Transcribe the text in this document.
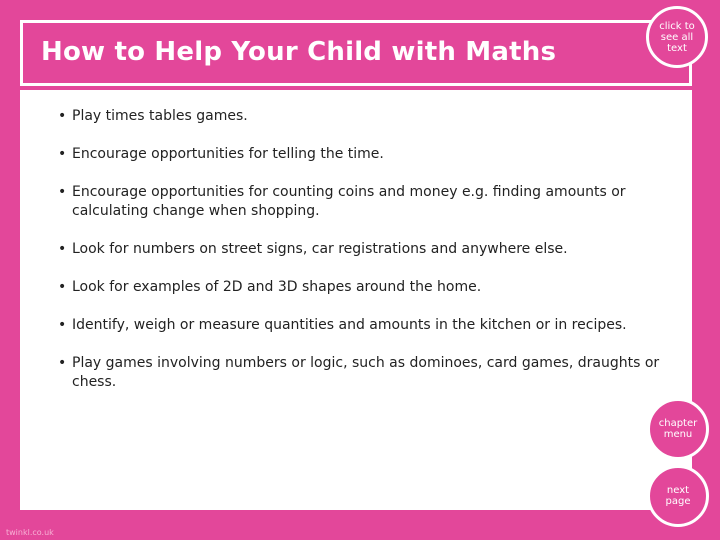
How to Help Your Child with Maths
click to
see all
text
• Play times tables games.
• Encourage opportunities for telling the time.
• Encourage opportunities for counting coins and money e.g. finding amounts or calculating change when shopping.
• Look for numbers on street signs, car registrations and anywhere else.
• Look for examples of 2D and 3D shapes around the home.
• Identify, weigh or measure quantities and amounts in the kitchen or in recipes.
• Play games involving numbers or logic, such as dominoes, card games, draughts or chess.
chapter
menu
next
page
twinkl.co.uk
